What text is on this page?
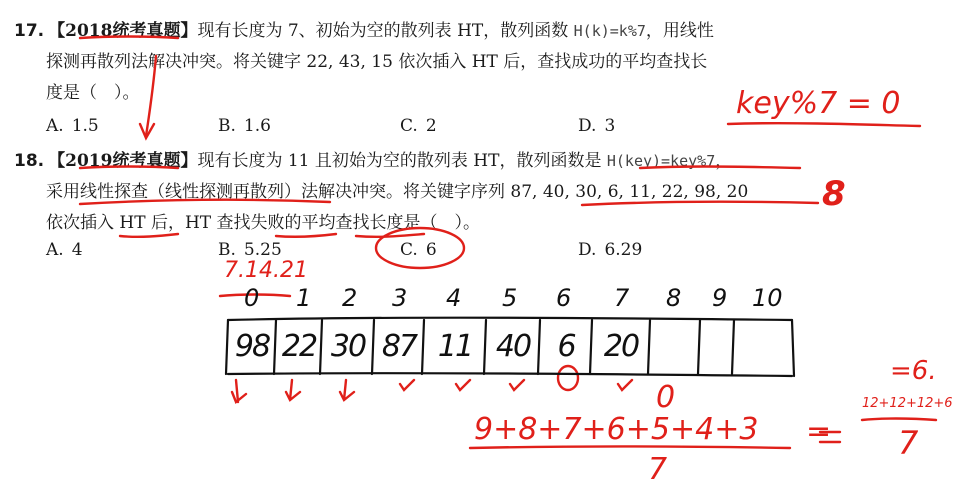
17. 【2018统考真题】现有长度为 7、初始为空的散列表 HT，散列函数 H(k)=k%7，用线性
探测再散列法解决冲突。将关键字 22, 43, 15 依次插入 HT 后，查找成功的平均查找长
度是（　）。
A. 1.5	B. 1.6	C. 2	D. 3
18. 【2019统考真题】现有长度为 11 且初始为空的散列表 HT，散列函数是 H(key)=key%7，
采用线性探查（线性探测再散列）法解决冲突。将关键字序列 87, 40, 30, 6, 11, 22, 98, 20
依次插入 HT 后，HT 查找失败的平均查找长度是（　）。
A. 4	B. 5.25	C. 6	D. 6.29
key%7 = 0
8
7.14.21
9+8+7+6+5+4+3 =
7
=6.
12+12+12+6
7
0
0 1 2 3 4 5 6 7 8 9 10
98 22 30 87 11 40 6 20
